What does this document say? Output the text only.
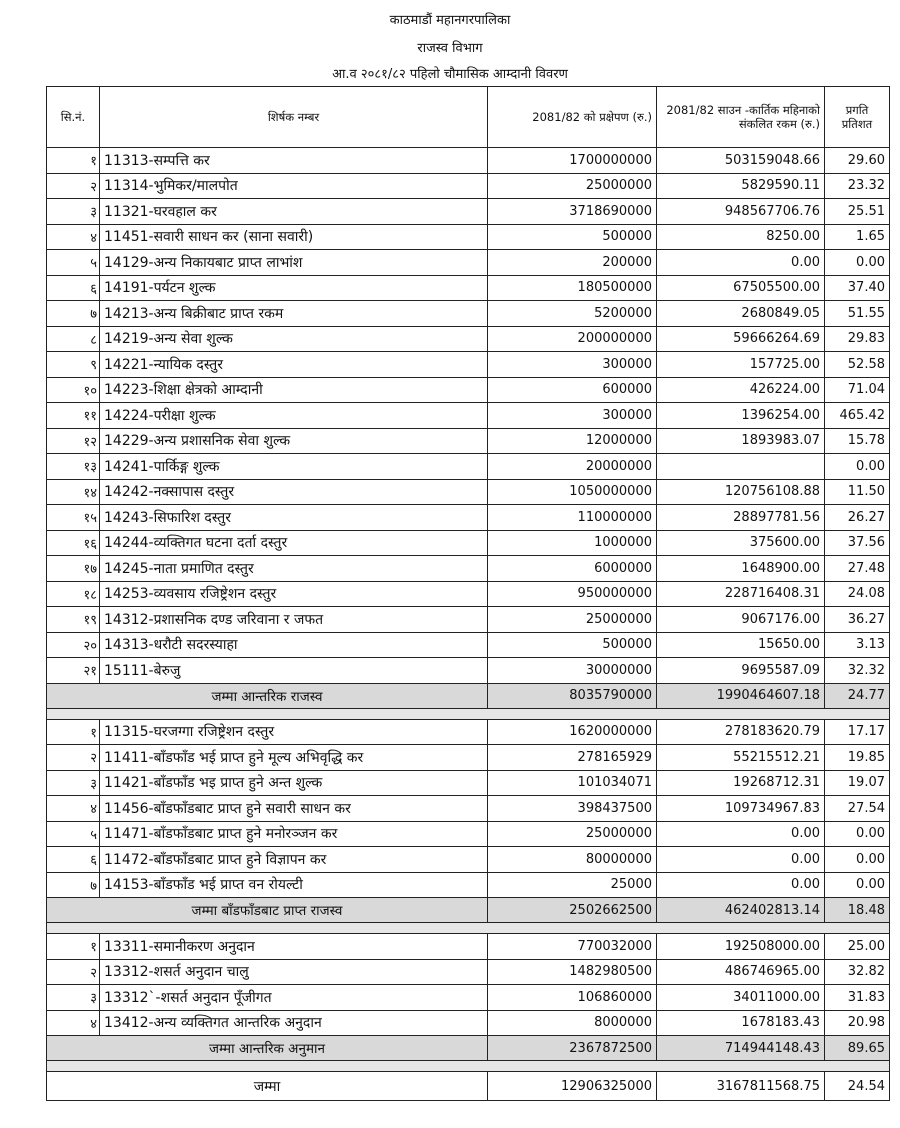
काठमाडौं महानगरपालिका
राजस्व विभाग
आ.व २०८१/८२ पहिलो चौमासिक आम्दानी विवरण
सि.नं.	शिर्षक नम्बर	2081/82 को प्रक्षेपण (रु.)	2081/82 साउन -कार्तिक महिनाको संकलित रकम (रु.)	प्रगति प्रतिशत
१	11313-सम्पत्ति कर	1700000000	503159048.66	29.60
२	11314-भुमिकर/मालपोत	25000000	5829590.11	23.32
३	11321-घरवहाल कर	3718690000	948567706.76	25.51
४	11451-सवारी साधन कर (साना सवारी)	500000	8250.00	1.65
५	14129-अन्य निकायबाट प्राप्त लाभांश	200000	0.00	0.00
६	14191-पर्यटन शुल्क	180500000	67505500.00	37.40
७	14213-अन्य बिक्रीबाट प्राप्त रकम	5200000	2680849.05	51.55
८	14219-अन्य सेवा शुल्क	200000000	59666264.69	29.83
९	14221-न्यायिक दस्तुर	300000	157725.00	52.58
१०	14223-शिक्षा क्षेत्रको आम्दानी	600000	426224.00	71.04
११	14224-परीक्षा शुल्क	300000	1396254.00	465.42
१२	14229-अन्य प्रशासनिक सेवा शुल्क	12000000	1893983.07	15.78
१३	14241-पार्किङ्ग शुल्क	20000000		0.00
१४	14242-नक्सापास दस्तुर	1050000000	120756108.88	11.50
१५	14243-सिफारिश दस्तुर	110000000	28897781.56	26.27
१६	14244-व्यक्तिगत घटना दर्ता दस्तुर	1000000	375600.00	37.56
१७	14245-नाता प्रमाणित दस्तुर	6000000	1648900.00	27.48
१८	14253-व्यवसाय रजिष्ट्रेशन दस्तुर	950000000	228716408.31	24.08
१९	14312-प्रशासनिक दण्ड जरिवाना र जफत	25000000	9067176.00	36.27
२०	14313-धरौटी सदरस्याहा	500000	15650.00	3.13
२१	15111-बेरुजु	30000000	9695587.09	32.32
जम्मा आन्तरिक राजस्व		8035790000	1990464607.18	24.77

१	11315-घरजग्गा रजिष्ट्रेशन दस्तुर	1620000000	278183620.79	17.17
२	11411-बाँडफाँड भई प्राप्त हुने मूल्य अभिवृद्धि कर	278165929	55215512.21	19.85
३	11421-बाँडफाँड भइ प्राप्त हुने अन्त शुल्क	101034071	19268712.31	19.07
४	11456-बाँडफाँडबाट प्राप्त हुने सवारी साधन कर	398437500	109734967.83	27.54
५	11471-बाँडफाँडबाट प्राप्त हुने मनोरञ्जन कर	25000000	0.00	0.00
६	11472-बाँडफाँडबाट प्राप्त हुने विज्ञापन कर	80000000	0.00	0.00
७	14153-बाँडफाँड भई प्राप्त वन रोयल्टी	25000	0.00	0.00
जम्मा बाँडफाँडबाट प्राप्त राजस्व		2502662500	462402813.14	18.48

१	13311-समानीकरण अनुदान	770032000	192508000.00	25.00
२	13312-शसर्त अनुदान चालु	1482980500	486746965.00	32.82
३	13312`-शसर्त अनुदान पूँजीगत	106860000	34011000.00	31.83
४	13412-अन्य व्यक्तिगत आन्तरिक अनुदान	8000000	1678183.43	20.98
जम्मा आन्तरिक अनुमान		2367872500	714944148.43	89.65

जम्मा		12906325000	3167811568.75	24.54
